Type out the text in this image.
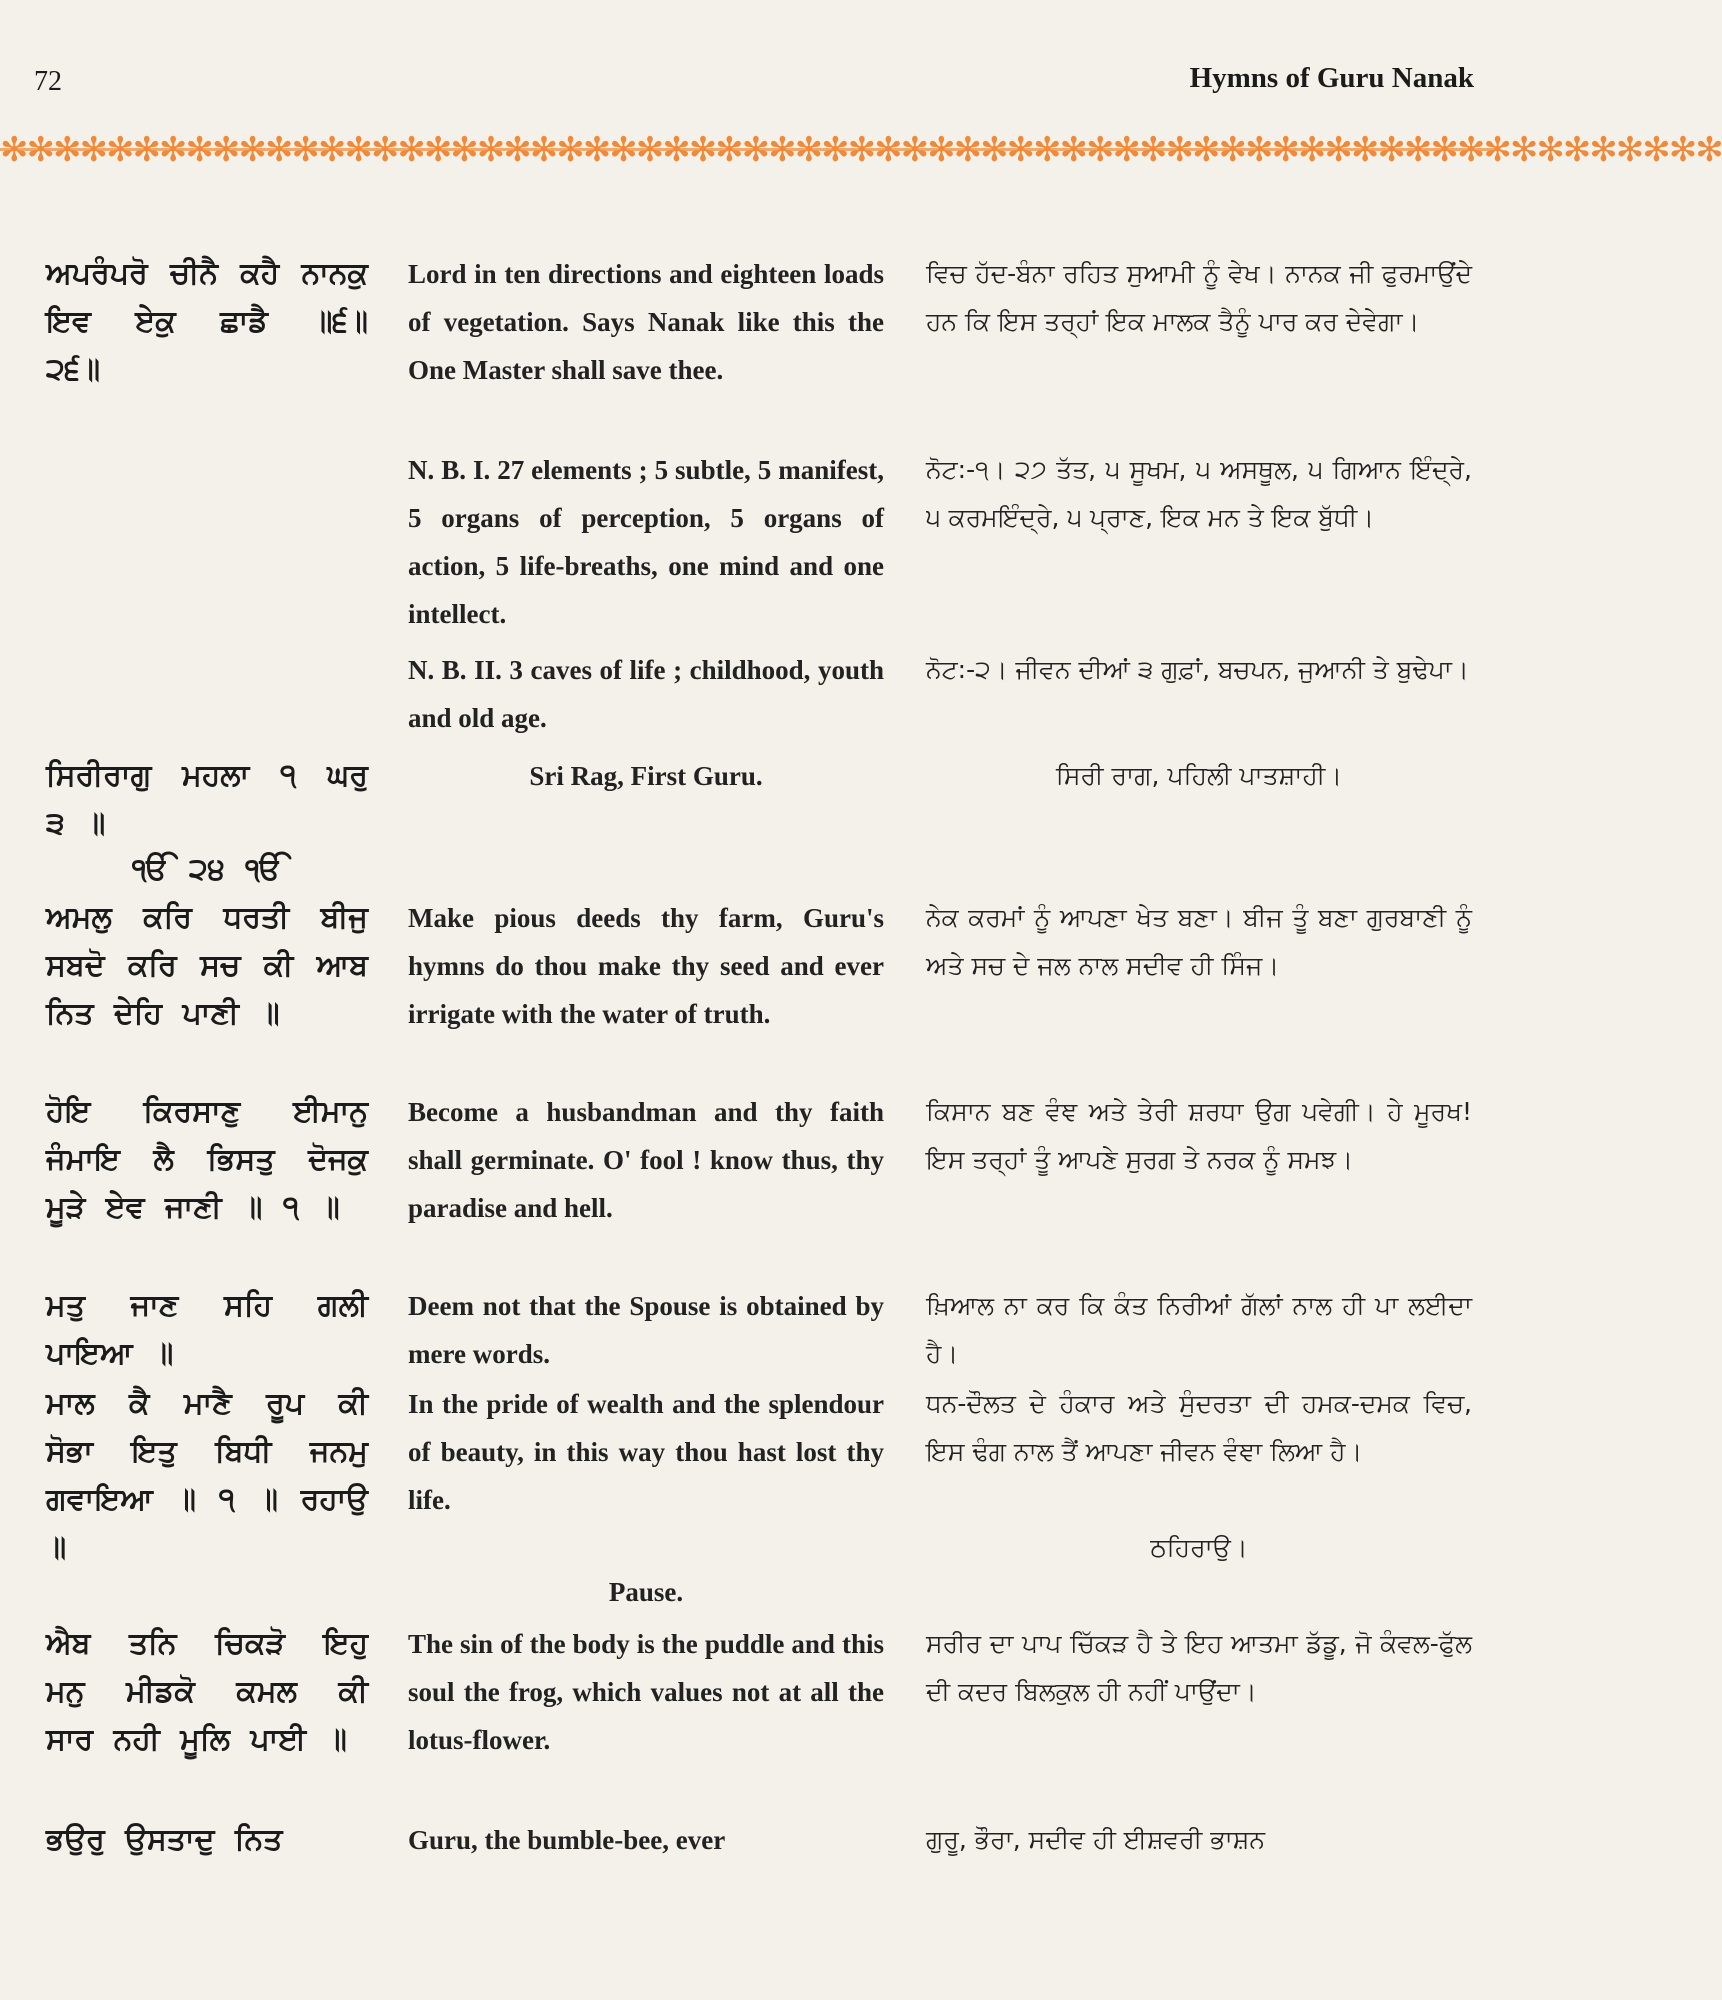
72	Hymns of Guru Nanak
✻✻✻✻✻✻✻✻✻✻✻✻✻✻✻✻✻✻✻✻✻✻✻✻✻✻✻✻✻✻✻✻✻✻✻✻✻✻✻✻✻✻✻✻✻✻✻✻✻✻✻✻✻✻✻✻✻✻✻✻✻✻✻✻✻
ਅਪਰੰਪਰੋ ਚੀਨੈ ਕਹੈ ਨਾਨਕੁ ਇਵ ਏਕੁ ਛਾਡੈ ॥੬॥ ੨੬॥
ਸਿਰੀਰਾਗੁ ਮਹਲਾ ੧ ਘਰੁ ੩ ॥
ੴ ੨੪ ੴ
ਅਮਲੁ ਕਰਿ ਧਰਤੀ ਬੀਜੁ ਸਬਦੋ ਕਰਿ ਸਚ ਕੀ ਆਬ ਨਿਤ ਦੇਹਿ ਪਾਣੀ ॥
ਹੋਇ ਕਿਰਸਾਣੁ ਈਮਾਨੁ ਜੰਮਾਇ ਲੈ ਭਿਸਤੁ ਦੋਜਕੁ ਮੂੜੇ ਏਵ ਜਾਣੀ ॥ ੧ ॥
ਮਤੁ ਜਾਣ ਸਹਿ ਗਲੀ ਪਾਇਆ ॥
ਮਾਲ ਕੈ ਮਾਣੈ ਰੂਪ ਕੀ ਸੋਭਾ ਇਤੁ ਬਿਧੀ ਜਨਮੁ ਗਵਾਇਆ ॥ ੧ ॥ ਰਹਾਉ ॥
ਐਬ ਤਨਿ ਚਿਕੜੋ ਇਹੁ ਮਨੁ ਮੀਡਕੋ ਕਮਲ ਕੀ ਸਾਰ ਨਹੀ ਮੂਲਿ ਪਾਈ ॥
ਭਉਰੁ ਉਸਤਾਦੁ ਨਿਤ
Lord in ten directions and eighteen loads of vegetation. Says Nanak like this the One Master shall save thee.
N. B. I. 27 elements ; 5 subtle, 5 manifest, 5 organs of perception, 5 organs of action, 5 life-breaths, one mind and one intellect.
N. B. II. 3 caves of life ; childhood, youth and old age.
Sri Rag, First Guru.
Make pious deeds thy farm, Guru's hymns do thou make thy seed and ever irrigate with the water of truth.
Become a husbandman and thy faith shall germinate. O' fool ! know thus, thy paradise and hell.
Deem not that the Spouse is obtained by mere words.
In the pride of wealth and the splendour of beauty, in this way thou hast lost thy life.
Pause.
The sin of the body is the puddle and this soul the frog, which values not at all the lotus-flower.
Guru, the bumble-bee, ever
ਵਿਚ ਹੱਦ-ਬੰਨਾ ਰਹਿਤ ਸੁਆਮੀ ਨੂੰ ਵੇਖ। ਨਾਨਕ ਜੀ ਫੁਰਮਾਉਂਦੇ ਹਨ ਕਿ ਇਸ ਤਰ੍ਹਾਂ ਇਕ ਮਾਲਕ ਤੈਨੂੰ ਪਾਰ ਕਰ ਦੇਵੇਗਾ।
ਨੋਟ:-੧। ੨੭ ਤੱਤ, ੫ ਸੂਖਮ, ੫ ਅਸਥੂਲ, ੫ ਗਿਆਨ ਇੰਦ੍ਰੇ, ੫ ਕਰਮਇੰਦ੍ਰੇ, ੫ ਪ੍ਰਾਣ, ਇਕ ਮਨ ਤੇ ਇਕ ਬੁੱਧੀ।
ਨੋਟ:-੨। ਜੀਵਨ ਦੀਆਂ ੩ ਗੁਫ਼ਾਂ, ਬਚਪਨ, ਜੁਆਨੀ ਤੇ ਬੁਢੇਪਾ।
ਸਿਰੀ ਰਾਗ, ਪਹਿਲੀ ਪਾਤਸ਼ਾਹੀ।
ਨੇਕ ਕਰਮਾਂ ਨੂੰ ਆਪਣਾ ਖੇਤ ਬਣਾ। ਬੀਜ ਤੂੰ ਬਣਾ ਗੁਰਬਾਣੀ ਨੂੰ ਅਤੇ ਸਚ ਦੇ ਜਲ ਨਾਲ ਸਦੀਵ ਹੀ ਸਿੰਜ।
ਕਿਸਾਨ ਬਣ ਵੰਞ ਅਤੇ ਤੇਰੀ ਸ਼ਰਧਾ ਉਗ ਪਵੇਗੀ। ਹੇ ਮੂਰਖ! ਇਸ ਤਰ੍ਹਾਂ ਤੂੰ ਆਪਣੇ ਸੁਰਗ ਤੇ ਨਰਕ ਨੂੰ ਸਮਝ।
ਖ਼ਿਆਲ ਨਾ ਕਰ ਕਿ ਕੰਤ ਨਿਰੀਆਂ ਗੱਲਾਂ ਨਾਲ ਹੀ ਪਾ ਲਈਦਾ ਹੈ।
ਧਨ-ਦੌਲਤ ਦੇ ਹੰਕਾਰ ਅਤੇ ਸੁੰਦਰਤਾ ਦੀ ਹਮਕ-ਦਮਕ ਵਿਚ, ਇਸ ਢੰਗ ਨਾਲ ਤੈਂ ਆਪਣਾ ਜੀਵਨ ਵੰਞਾ ਲਿਆ ਹੈ।
ਠਹਿਰਾਉ।
ਸਰੀਰ ਦਾ ਪਾਪ ਚਿੱਕੜ ਹੈ ਤੇ ਇਹ ਆਤਮਾ ਡੱਡੂ, ਜੋ ਕੰਵਲ-ਫੁੱਲ ਦੀ ਕਦਰ ਬਿਲਕੁਲ ਹੀ ਨਹੀਂ ਪਾਉਂਦਾ।
ਗੁਰੂ, ਭੌਰਾ, ਸਦੀਵ ਹੀ ਈਸ਼ਵਰੀ ਭਾਸ਼ਨ
